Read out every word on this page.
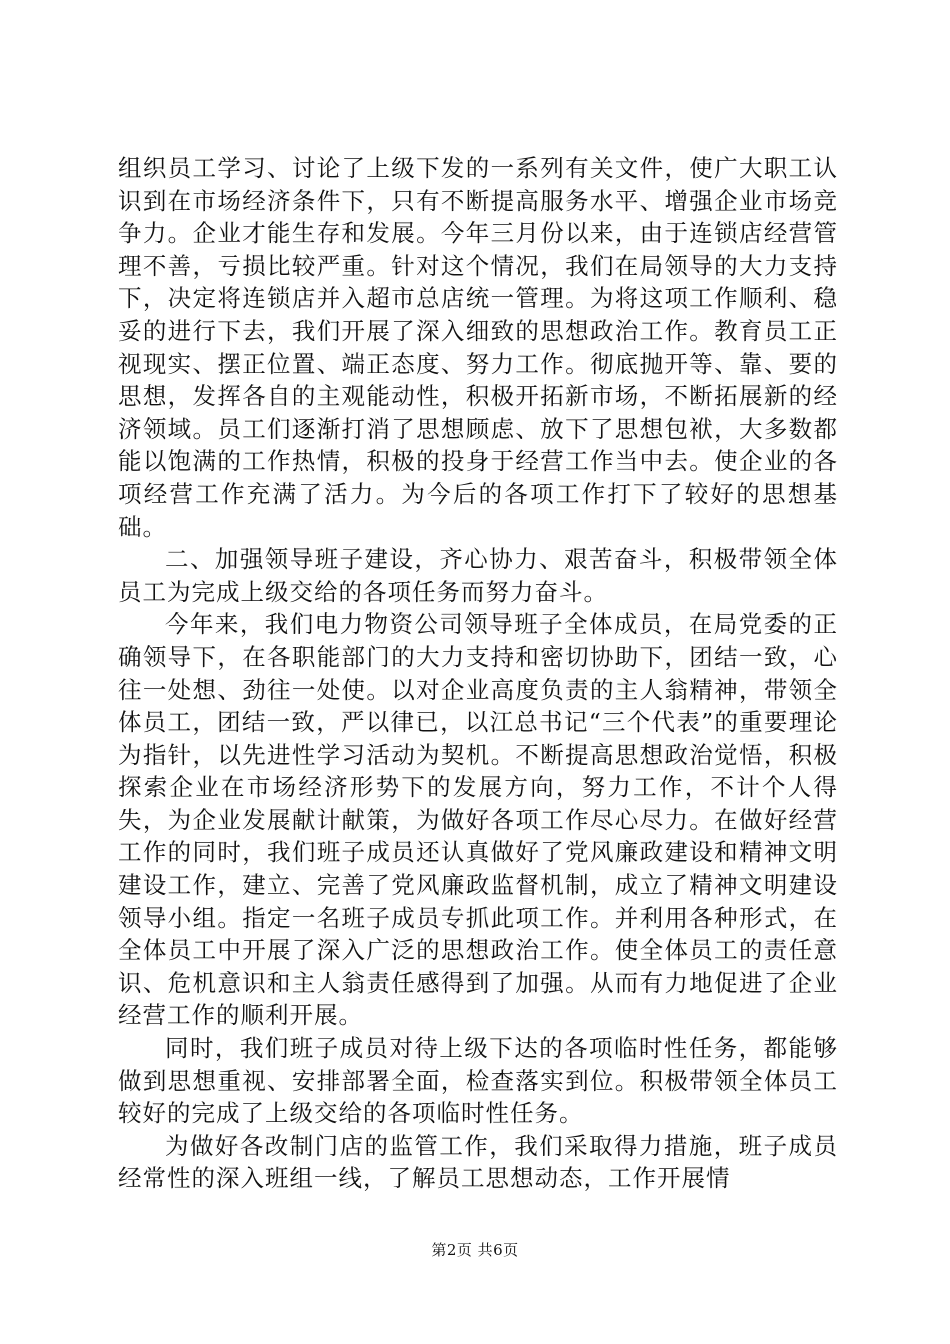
组织员工学习、讨论了上级下发的一系列有关文件，使广大职工认识到在市场经济条件下，只有不断提高服务水平、增强企业市场竞争力。企业才能生存和发展。今年三月份以来，由于连锁店经营管理不善，亏损比较严重。针对这个情况，我们在局领导的大力支持下，决定将连锁店并入超市总店统一管理。为将这项工作顺利、稳妥的进行下去，我们开展了深入细致的思想政治工作。教育员工正视现实、摆正位置、端正态度、努力工作。彻底抛开等、靠、要的思想，发挥各自的主观能动性，积极开拓新市场，不断拓展新的经济领域。员工们逐渐打消了思想顾虑、放下了思想包袱，大多数都能以饱满的工作热情，积极的投身于经营工作当中去。使企业的各项经营工作充满了活力。为今后的各项工作打下了较好的思想基础。

二、加强领导班子建设，齐心协力、艰苦奋斗，积极带领全体员工为完成上级交给的各项任务而努力奋斗。

今年来，我们电力物资公司领导班子全体成员，在局党委的正确领导下，在各职能部门的大力支持和密切协助下，团结一致，心往一处想、劲往一处使。以对企业高度负责的主人翁精神，带领全体员工，团结一致，严以律已，以江总书记“三个代表”的重要理论为指针，以先进性学习活动为契机。不断提高思想政治觉悟，积极探索企业在市场经济形势下的发展方向，努力工作，不计个人得失，为企业发展献计献策，为做好各项工作尽心尽力。在做好经营工作的同时，我们班子成员还认真做好了党风廉政建设和精神文明建设工作，建立、完善了党风廉政监督机制，成立了精神文明建设领导小组。指定一名班子成员专抓此项工作。并利用各种形式，在全体员工中开展了深入广泛的思想政治工作。使全体员工的责任意识、危机意识和主人翁责任感得到了加强。从而有力地促进了企业经营工作的顺利开展。

同时，我们班子成员对待上级下达的各项临时性任务，都能够做到思想重视、安排部署全面，检查落实到位。积极带领全体员工较好的完成了上级交给的各项临时性任务。

为做好各改制门店的监管工作，我们采取得力措施，班子成员经常性的深入班组一线，了解员工思想动态，工作开展情

第2页 共6页
